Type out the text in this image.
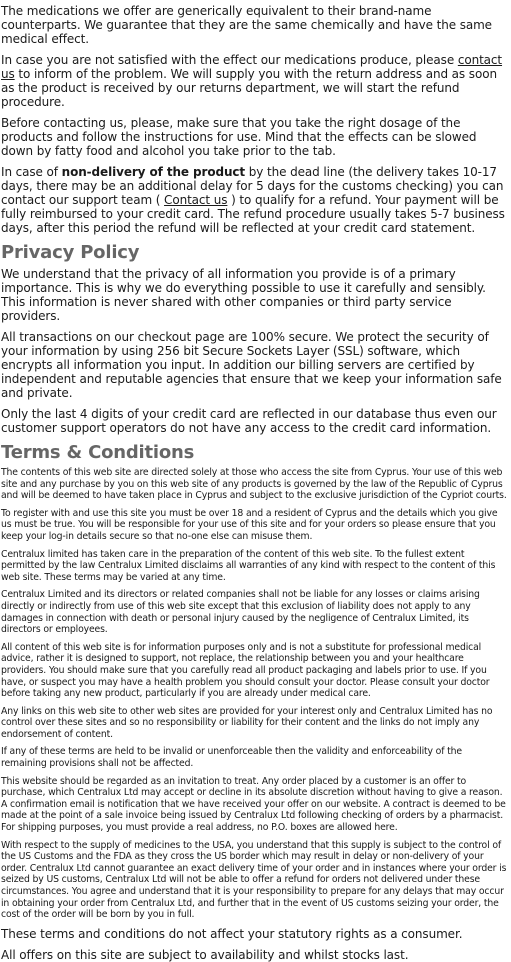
The medications we offer are generically equivalent to their brand-name counterparts. We guarantee that they are the same chemically and have the same medical effect.

In case you are not satisfied with the effect our medications produce, please contact us to inform of the problem. We will supply you with the return address and as soon as the product is received by our returns department, we will start the refund procedure.

Before contacting us, please, make sure that you take the right dosage of the products and follow the instructions for use. Mind that the effects can be slowed down by fatty food and alcohol you take prior to the tab.

In case of non-delivery of the product by the dead line (the delivery takes 10-17 days, there may be an additional delay for 5 days for the customs checking) you can contact our support team ( Contact us ) to qualify for a refund. Your payment will be fully reimbursed to your credit card. The refund procedure usually takes 5-7 business days, after this period the refund will be reflected at your credit card statement.

Privacy Policy

We understand that the privacy of all information you provide is of a primary importance. This is why we do everything possible to use it carefully and sensibly. This information is never shared with other companies or third party service providers.

All transactions on our checkout page are 100% secure. We protect the security of your information by using 256 bit Secure Sockets Layer (SSL) software, which encrypts all information you input. In addition our billing servers are certified by independent and reputable agencies that ensure that we keep your information safe and private.

Only the last 4 digits of your credit card are reflected in our database thus even our customer support operators do not have any access to the credit card information.

Terms & Conditions

The contents of this web site are directed solely at those who access the site from Cyprus. Your use of this web site and any purchase by you on this web site of any products is governed by the law of the Republic of Cyprus and will be deemed to have taken place in Cyprus and subject to the exclusive jurisdiction of the Cypriot courts.

To register with and use this site you must be over 18 and a resident of Cyprus and the details which you give us must be true. You will be responsible for your use of this site and for your orders so please ensure that you keep your log-in details secure so that no-one else can misuse them.

Centralux limited has taken care in the preparation of the content of this web site. To the fullest extent permitted by the law Centralux Limited disclaims all warranties of any kind with respect to the content of this web site. These terms may be varied at any time.

Centralux Limited and its directors or related companies shall not be liable for any losses or claims arising directly or indirectly from use of this web site except that this exclusion of liability does not apply to any damages in connection with death or personal injury caused by the negligence of Centralux Limited, its directors or employees.

All content of this web site is for information purposes only and is not a substitute for professional medical advice, rather it is designed to support, not replace, the relationship between you and your healthcare providers. You should make sure that you carefully read all product packaging and labels prior to use. If you have, or suspect you may have a health problem you should consult your doctor. Please consult your doctor before taking any new product, particularly if you are already under medical care.

Any links on this web site to other web sites are provided for your interest only and Centralux Limited has no control over these sites and so no responsibility or liability for their content and the links do not imply any endorsement of content.

If any of these terms are held to be invalid or unenforceable then the validity and enforceability of the remaining provisions shall not be affected.

This website should be regarded as an invitation to treat. Any order placed by a customer is an offer to purchase, which Centralux Ltd may accept or decline in its absolute discretion without having to give a reason. A confirmation email is notification that we have received your offer on our website. A contract is deemed to be made at the point of a sale invoice being issued by Centralux Ltd following checking of orders by a pharmacist. For shipping purposes, you must provide a real address, no P.O. boxes are allowed here.

With respect to the supply of medicines to the USA, you understand that this supply is subject to the control of the US Customs and the FDA as they cross the US border which may result in delay or non-delivery of your order. Centralux Ltd cannot guarantee an exact delivery time of your order and in instances where your order is seized by US customs, Centralux Ltd will not be able to offer a refund for orders not delivered under these circumstances. You agree and understand that it is your responsibility to prepare for any delays that may occur in obtaining your order from Centralux Ltd, and further that in the event of US customs seizing your order, the cost of the order will be born by you in full.

These terms and conditions do not affect your statutory rights as a consumer.

All offers on this site are subject to availability and whilst stocks last.
